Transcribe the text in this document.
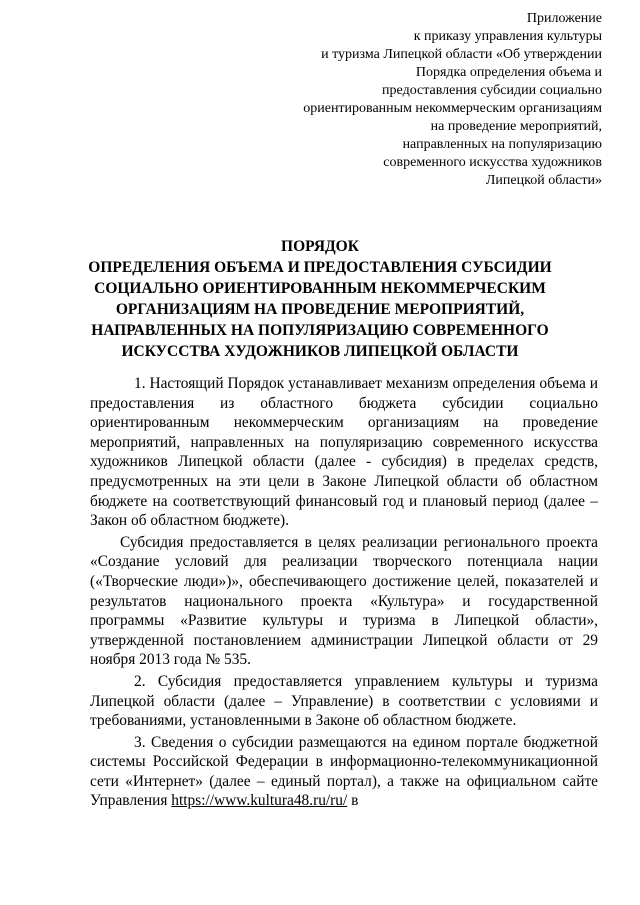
Приложение
к приказу управления культуры
и туризма Липецкой области «Об утверждении
Порядка определения объема и
предоставления субсидии социально
ориентированным некоммерческим организациям
на проведение мероприятий,
направленных на популяризацию
современного искусства художников
Липецкой области»
ПОРЯДОК
ОПРЕДЕЛЕНИЯ ОБЪЕМА И ПРЕДОСТАВЛЕНИЯ СУБСИДИИ
СОЦИАЛЬНО ОРИЕНТИРОВАННЫМ НЕКОММЕРЧЕСКИМ
ОРГАНИЗАЦИЯМ НА ПРОВЕДЕНИЕ МЕРОПРИЯТИЙ,
НАПРАВЛЕННЫХ НА ПОПУЛЯРИЗАЦИЮ СОВРЕМЕННОГО
ИСКУССТВА ХУДОЖНИКОВ ЛИПЕЦКОЙ ОБЛАСТИ

1. Настоящий Порядок устанавливает механизм определения объема и предоставления из областного бюджета субсидии социально ориентированным некоммерческим организациям на проведение мероприятий, направленных на популяризацию современного искусства художников Липецкой области (далее - субсидия) в пределах средств, предусмотренных на эти цели в Законе Липецкой области об областном бюджете на соответствующий финансовый год и плановый период (далее – Закон об областном бюджете).

Субсидия предоставляется в целях реализации регионального проекта «Создание условий для реализации творческого потенциала нации («Творческие люди»)», обеспечивающего достижение целей, показателей и результатов национального проекта «Культура» и государственной программы «Развитие культуры и туризма в Липецкой области», утвержденной постановлением администрации Липецкой области от 29 ноября 2013 года № 535.

2. Субсидия предоставляется управлением культуры и туризма Липецкой области (далее – Управление) в соответствии с условиями и требованиями, установленными в Законе об областном бюджете.

3. Сведения о субсидии размещаются на едином портале бюджетной системы Российской Федерации в информационно-телекоммуникационной сети «Интернет» (далее – единый портал), а также на официальном сайте Управления https://www.kultura48.ru/ru/ в
